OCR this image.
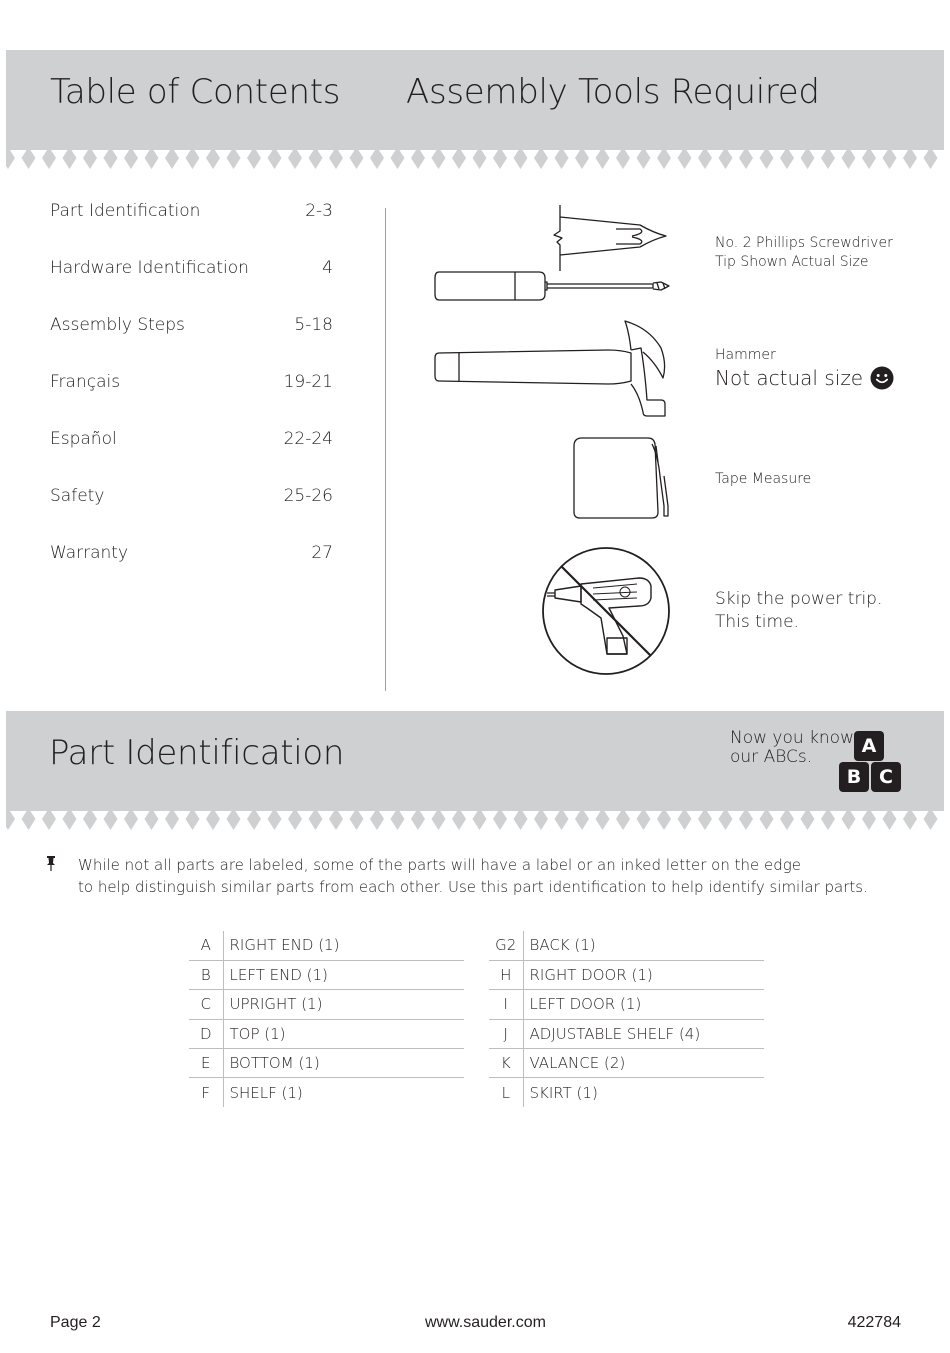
Table of Contents Assembly Tools Required
Part Identification	2-3
Hardware Identification	4
Assembly Steps	5-18
Français	19-21
Español	22-24
Safety	25-26
Warranty	27
No. 2 Phillips Screwdriver
Tip Shown Actual Size
Hammer
Not actual size
Tape Measure
Skip the power trip.
This time.
Part Identification	Now you know
our ABCs.	A
B C
While not all parts are labeled, some of the parts will have a label or an inked letter on the edge
to help distinguish similar parts from each other. Use this part identification to help identify similar parts.
A	RIGHT END (1)
B	LEFT END (1)
C	UPRIGHT (1)
D	TOP (1)
E	BOTTOM (1)
F	SHELF (1)
G2	BACK (1)
H	RIGHT DOOR (1)
I	LEFT DOOR (1)
J	ADJUSTABLE SHELF (4)
K	VALANCE (2)
L	SKIRT (1)
Page 2	www.sauder.com	422784
